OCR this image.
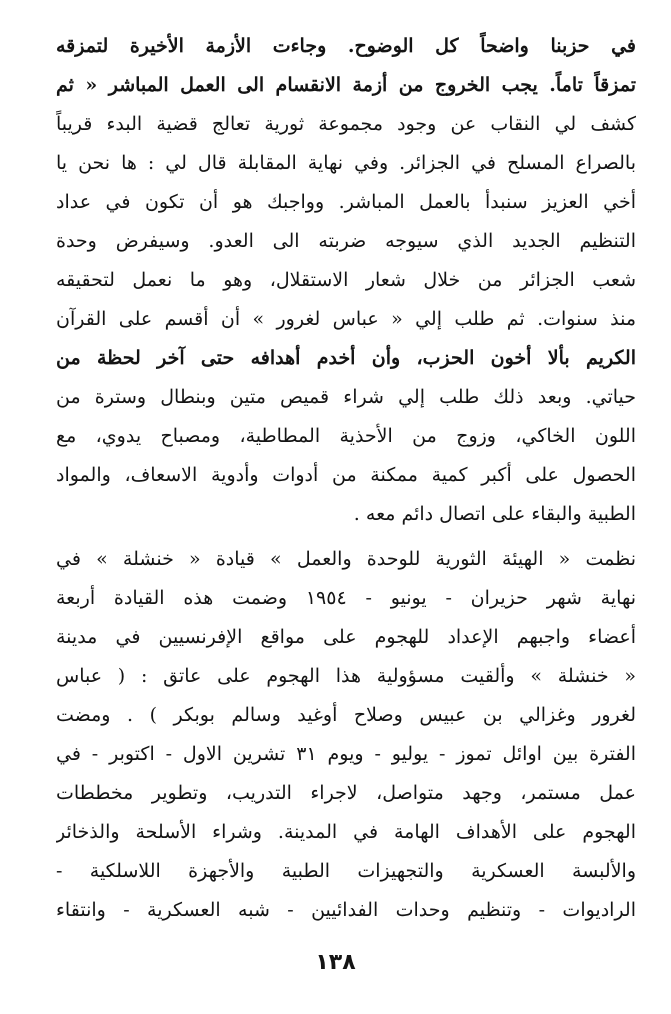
في حزبنا واضحاً كل الوضوح. وجاءت الأزمة الأخيرة لتمزقه
تمزقاً تاماً. يجب الخروج من أزمة الانقسام الى العمل المباشر « ثم
كشف لي النقاب عن وجود مجموعة ثورية تعالج قضية البدء قريباً
بالصراع المسلح في الجزائر. وفي نهاية المقابلة قال لي : ها نحن يا
أخي العزيز سنبدأ بالعمل المباشر. وواجبك هو أن تكون في عداد
التنظيم الجديد الذي سيوجه ضربته الى العدو. وسيفرض وحدة
شعب الجزائر من خلال شعار الاستقلال، وهو ما نعمل لتحقيقه
منذ سنوات. ثم طلب إلي « عباس لغرور » أن أقسم على القرآن
الكريم بألا أخون الحزب، وأن أخدم أهدافه حتى آخر لحظة من
حياتي. وبعد ذلك طلب إلي شراء قميص متين وبنطال وسترة من
اللون الخاكي، وزوج من الأحذية المطاطية، ومصباح يدوي، مع
الحصول على أكبر كمية ممكنة من أدوات وأدوية الاسعاف، والمواد
الطبية والبقاء على اتصال دائم معه .
نظمت « الهيئة الثورية للوحدة والعمل » قيادة « خنشلة » في
نهاية شهر حزيران - يونيو - ١٩٥٤ وضمت هذه القيادة أربعة
أعضاء واجبهم الإعداد للهجوم على مواقع الإفرنسيين في مدينة
« خنشلة » وألقيت مسؤولية هذا الهجوم على عاتق : ( عباس
لغرور وغزالي بن عبيس وصلاح أوغيد وسالم بوبكر ) . ومضت
الفترة بين اوائل تموز - يوليو - ويوم ٣١ تشرين الاول - اكتوبر - في
عمل مستمر، وجهد متواصل، لاجراء التدريب، وتطوير مخططات
الهجوم على الأهداف الهامة في المدينة. وشراء الأسلحة والذخائر
والألبسة العسكرية والتجهيزات الطبية والأجهزة اللاسلكية -
الراديوات - وتنظيم وحدات الفدائيين - شبه العسكرية - وانتقاء
١٣٨
